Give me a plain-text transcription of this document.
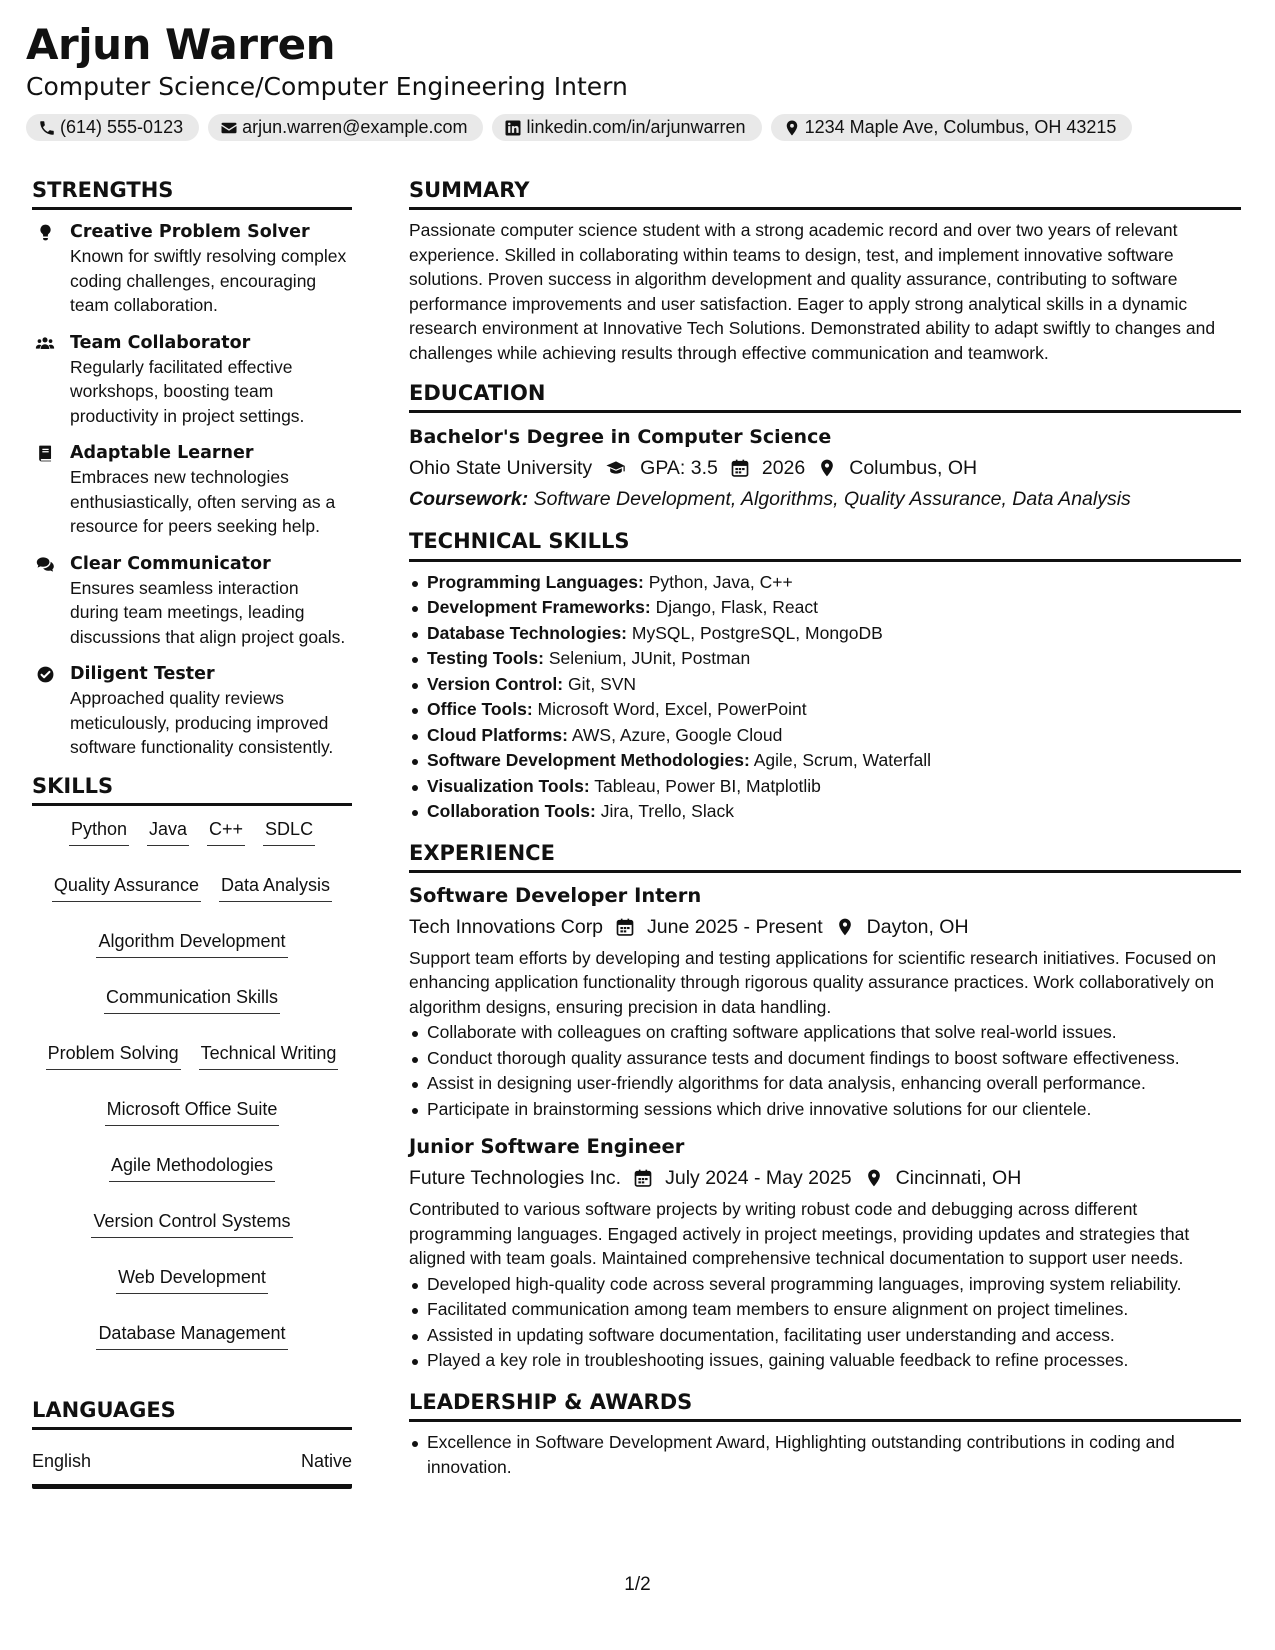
Arjun Warren
Computer Science/Computer Engineering Intern
(614) 555-0123	arjun.warren@example.com	linkedin.com/in/arjunwarren	1234 Maple Ave, Columbus, OH 43215
STRENGTHS
Creative Problem Solver
Known for swiftly resolving complex coding challenges, encouraging team collaboration.
Team Collaborator
Regularly facilitated effective workshops, boosting team productivity in project settings.
Adaptable Learner
Embraces new technologies enthusiastically, often serving as a resource for peers seeking help.
Clear Communicator
Ensures seamless interaction during team meetings, leading discussions that align project goals.
Diligent Tester
Approached quality reviews meticulously, producing improved software functionality consistently.
SKILLS
Python Java C++ SDLC
Quality Assurance Data Analysis
Algorithm Development
Communication Skills
Problem Solving Technical Writing
Microsoft Office Suite
Agile Methodologies
Version Control Systems
Web Development
Database Management
LANGUAGES
English	Native
SUMMARY

Passionate computer science student with a strong academic record and over two years of relevant experience. Skilled in collaborating within teams to design, test, and implement innovative software solutions. Proven success in algorithm development and quality assurance, contributing to software performance improvements and user satisfaction. Eager to apply strong analytical skills in a dynamic research environment at Innovative Tech Solutions. Demonstrated ability to adapt swiftly to changes and challenges while achieving results through effective communication and teamwork.

EDUCATION
Bachelor's Degree in Computer Science
Ohio State University GPA: 3.5 2026 Columbus, OH
Coursework: Software Development, Algorithms, Quality Assurance, Data Analysis
TECHNICAL SKILLS
Programming Languages: Python, Java, C++
Development Frameworks: Django, Flask, React
Database Technologies: MySQL, PostgreSQL, MongoDB
Testing Tools: Selenium, JUnit, Postman
Version Control: Git, SVN
Office Tools: Microsoft Word, Excel, PowerPoint
Cloud Platforms: AWS, Azure, Google Cloud
Software Development Methodologies: Agile, Scrum, Waterfall
Visualization Tools: Tableau, Power BI, Matplotlib
Collaboration Tools: Jira, Trello, Slack
EXPERIENCE
Software Developer Intern
Tech Innovations Corp June 2025 - Present Dayton, OH

Support team efforts by developing and testing applications for scientific research initiatives. Focused on enhancing application functionality through rigorous quality assurance practices. Work collaboratively on algorithm designs, ensuring precision in data handling.

Collaborate with colleagues on crafting software applications that solve real-world issues.
Conduct thorough quality assurance tests and document findings to boost software effectiveness.
Assist in designing user-friendly algorithms for data analysis, enhancing overall performance.
Participate in brainstorming sessions which drive innovative solutions for our clientele.
Junior Software Engineer
Future Technologies Inc. July 2024 - May 2025 Cincinnati, OH

Contributed to various software projects by writing robust code and debugging across different programming languages. Engaged actively in project meetings, providing updates and strategies that aligned with team goals. Maintained comprehensive technical documentation to support user needs.

Developed high-quality code across several programming languages, improving system reliability.
Facilitated communication among team members to ensure alignment on project timelines.
Assisted in updating software documentation, facilitating user understanding and access.
Played a key role in troubleshooting issues, gaining valuable feedback to refine processes.
LEADERSHIP & AWARDS
Excellence in Software Development Award, Highlighting outstanding contributions in coding and innovation.
1/2
